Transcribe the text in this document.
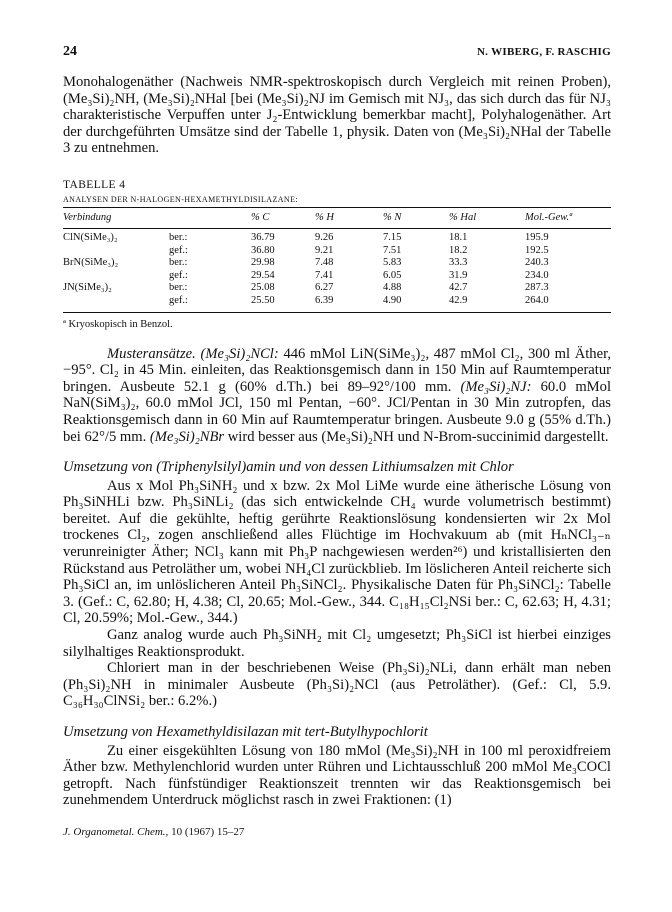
24	N. WIBERG, F. RASCHIG

Monohalogenäther (Nachweis NMR-spektroskopisch durch Vergleich mit reinen Proben), (Me₃Si)₂NH, (Me₃Si)₂NHal [bei (Me₃Si)₂NJ im Gemisch mit NJ₃, das sich durch das für NJ₃ charakteristische Verpuffen unter J₂-Entwicklung bemerkbar macht], Polyhalogenäther. Art der durchgeführten Umsätze sind der Tabelle 1, physik. Daten von (Me₃Si)₂NHal der Tabelle 3 zu entnehmen.

TABELLE 4
ANALYSEN DER N-HALOGEN-HEXAMETHYLDISILAZANE:
Verbindung		% C	% H	% N	% Hal	Mol.-Gew.ª
ClN(SiMe₃)₂	ber.:	36.79	9.26	7.15	18.1	195.9
	gef.:	36.80	9.21	7.51	18.2	192.5
BrN(SiMe₃)₂	ber.:	29.98	7.48	5.83	33.3	240.3
	gef.:	29.54	7.41	6.05	31.9	234.0
JN(SiMe₃)₂	ber.:	25.08	6.27	4.88	42.7	287.3
	gef.:	25.50	6.39	4.90	42.9	264.0
ª Kryoskopisch in Benzol.

Musteransätze. (Me₃Si)₂NCl: 446 mMol LiN(SiMe₃)₂, 487 mMol Cl₂, 300 ml Äther, −95°. Cl₂ in 45 Min. einleiten, das Reaktionsgemisch dann in 150 Min auf Raumtemperatur bringen. Ausbeute 52.1 g (60% d.Th.) bei 89–92°/100 mm. (Me₃Si)₂NJ: 60.0 mMol NaN(SiM₃)₂, 60.0 mMol JCl, 150 ml Pentan, −60°. JCl/Pentan in 30 Min zutropfen, das Reaktionsgemisch dann in 60 Min auf Raumtemperatur bringen. Ausbeute 9.0 g (55% d.Th.) bei 62°/5 mm. (Me₃Si)₂NBr wird besser aus (Me₃Si)₂NH und N-Brom-succinimid dargestellt.

Umsetzung von (Triphenylsilyl)amin und von dessen Lithiumsalzen mit Chlor

Aus x Mol Ph₃SiNH₂ und x bzw. 2x Mol LiMe wurde eine ätherische Lösung von Ph₃SiNHLi bzw. Ph₃SiNLi₂ (das sich entwickelnde CH₄ wurde volumetrisch bestimmt) bereitet. Auf die gekühlte, heftig gerührte Reaktionslösung kondensierten wir 2x Mol trockenes Cl₂, zogen anschließend alles Flüchtige im Hochvakuum ab (mit HₙNCl₃₋ₙ verunreinigter Äther; NCl₃ kann mit Ph₃P nachgewiesen werden²⁶) und kristallisierten den Rückstand aus Petroläther um, wobei NH₄Cl zurückblieb. Im löslicheren Anteil reicherte sich Ph₃SiCl an, im unlöslicheren Anteil Ph₃SiNCl₂. Physikalische Daten für Ph₃SiNCl₂: Tabelle 3. (Gef.: C, 62.80; H, 4.38; Cl, 20.65; Mol.-Gew., 344. C₁₈H₁₅Cl₂NSi ber.: C, 62.63; H, 4.31; Cl, 20.59%; Mol.-Gew., 344.)

Ganz analog wurde auch Ph₃SiNH₂ mit Cl₂ umgesetzt; Ph₃SiCl ist hierbei einziges silylhaltiges Reaktionsprodukt.

Chloriert man in der beschriebenen Weise (Ph₃Si)₂NLi, dann erhält man neben (Ph₃Si)₂NH in minimaler Ausbeute (Ph₃Si)₂NCl (aus Petroläther). (Gef.: Cl, 5.9. C₃₆H₃₀ClNSi₂ ber.: 6.2%.)

Umsetzung von Hexamethyldisilazan mit tert-Butylhypochlorit

Zu einer eisgekühlten Lösung von 180 mMol (Me₃Si)₂NH in 100 ml peroxidfreiem Äther bzw. Methylenchlorid wurden unter Rühren und Lichtausschluß 200 mMol Me₃COCl getropft. Nach fünfstündiger Reaktionszeit trennten wir das Reaktionsgemisch bei zunehmendem Unterdruck möglichst rasch in zwei Fraktionen: (1)

J. Organometal. Chem., 10 (1967) 15–27
